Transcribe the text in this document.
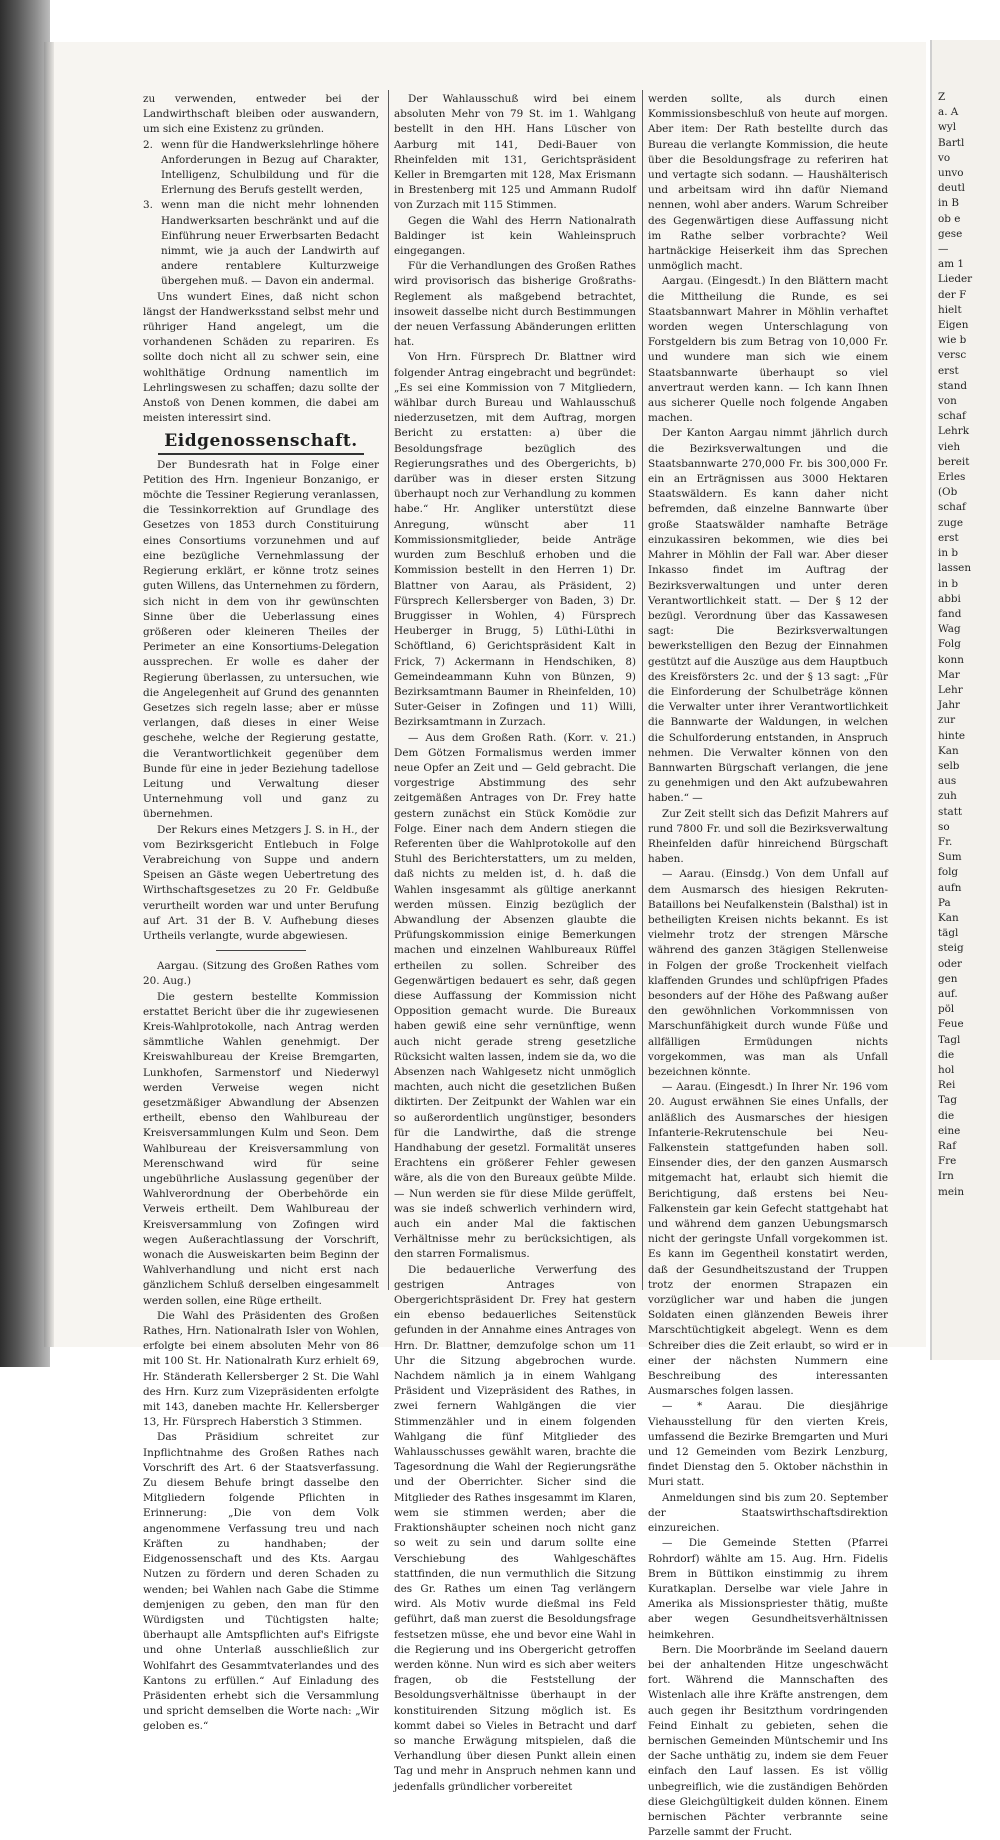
zu verwenden, entweder bei der Landwirthschaft bleiben oder auswandern, um sich eine Existenz zu gründen.

2. wenn für die Handwerkslehrlinge höhere Anforderungen in Bezug auf Charakter, Intelligenz, Schulbildung und für die Erlernung des Berufs gestellt werden,
3. wenn man die nicht mehr lohnenden Handwerksarten beschränkt und auf die Einführung neuer Erwerbsarten Bedacht nimmt, wie ja auch der Landwirth auf andere rentablere Kulturzweige übergehen muß. — Davon ein andermal.

Uns wundert Eines, daß nicht schon längst der Handwerksstand selbst mehr und rühriger Hand angelegt, um die vorhandenen Schäden zu repariren. Es sollte doch nicht all zu schwer sein, eine wohlthätige Ordnung namentlich im Lehrlingswesen zu schaffen; dazu sollte der Anstoß von Denen kommen, die dabei am meisten interessirt sind.

Eidgenossenschaft.

Der Bundesrath hat in Folge einer Petition des Hrn. Ingenieur Bonzanigo, er möchte die Tessiner Regierung veranlassen, die Tessinkorrektion auf Grundlage des Gesetzes von 1853 durch Constituirung eines Consortiums vorzunehmen und auf eine bezügliche Vernehmlassung der Regierung erklärt, er könne trotz seines guten Willens, das Unternehmen zu fördern, sich nicht in dem von ihr gewünschten Sinne über die Ueberlassung eines größeren oder kleineren Theiles der Perimeter an eine Konsortiums-Delegation aussprechen. Er wolle es daher der Regierung überlassen, zu untersuchen, wie die Angelegenheit auf Grund des genannten Gesetzes sich regeln lasse; aber er müsse verlangen, daß dieses in einer Weise geschehe, welche der Regierung gestatte, die Verantwortlichkeit gegenüber dem Bunde für eine in jeder Beziehung tadellose Leitung und Verwaltung dieser Unternehmung voll und ganz zu übernehmen.

Der Rekurs eines Metzgers J. S. in H., der vom Bezirksgericht Entlebuch in Folge Verabreichung von Suppe und andern Speisen an Gäste wegen Uebertretung des Wirthschaftsgesetzes zu 20 Fr. Geldbuße verurtheilt worden war und unter Berufung auf Art. 31 der B. V. Aufhebung dieses Urtheils verlangte, wurde abgewiesen.

Aargau. (Sitzung des Großen Rathes vom 20. Aug.)

Die gestern bestellte Kommission erstattet Bericht über die ihr zugewiesenen Kreis-Wahlprotokolle, nach Antrag werden sämmtliche Wahlen genehmigt. Der Kreiswahlbureau der Kreise Bremgarten, Lunkhofen, Sarmenstorf und Niederwyl werden Verweise wegen nicht gesetzmäßiger Abwandlung der Absenzen ertheilt, ebenso den Wahlbureau der Kreisversammlungen Kulm und Seon. Dem Wahlbureau der Kreisversammlung von Merenschwand wird für seine ungebührliche Auslassung gegenüber der Wahlverordnung der Oberbehörde ein Verweis ertheilt. Dem Wahlbureau der Kreisversammlung von Zofingen wird wegen Außerachtlassung der Vorschrift, wonach die Ausweiskarten beim Beginn der Wahlverhandlung und nicht erst nach gänzlichem Schluß derselben eingesammelt werden sollen, eine Rüge ertheilt.

Die Wahl des Präsidenten des Großen Rathes, Hrn. Nationalrath Isler von Wohlen, erfolgte bei einem absoluten Mehr von 86 mit 100 St. Hr. Nationalrath Kurz erhielt 69, Hr. Ständerath Kellersberger 2 St. Die Wahl des Hrn. Kurz zum Vizepräsidenten erfolgte mit 143, daneben machte Hr. Kellersberger 13, Hr. Fürsprech Haberstich 3 Stimmen.

Das Präsidium schreitet zur Inpflichtnahme des Großen Rathes nach Vorschrift des Art. 6 der Staatsverfassung. Zu diesem Behufe bringt dasselbe den Mitgliedern folgende Pflichten in Erinnerung: „Die von dem Volk angenommene Verfassung treu und nach Kräften zu handhaben; der Eidgenossenschaft und des Kts. Aargau Nutzen zu fördern und deren Schaden zu wenden; bei Wahlen nach Gabe die Stimme demjenigen zu geben, den man für den Würdigsten und Tüchtigsten halte; überhaupt alle Amtspflichten auf's Eifrigste und ohne Unterlaß ausschließlich zur Wohlfahrt des Gesammtvaterlandes und des Kantons zu erfüllen.“ Auf Einladung des Präsidenten erhebt sich die Versammlung und spricht demselben die Worte nach: „Wir geloben es.“

Der Wahlausschuß wird bei einem absoluten Mehr von 79 St. im 1. Wahlgang bestellt in den HH. Hans Lüscher von Aarburg mit 141, Dedi-Bauer von Rheinfelden mit 131, Gerichtspräsident Keller in Bremgarten mit 128, Max Erismann in Brestenberg mit 125 und Ammann Rudolf von Zurzach mit 115 Stimmen.

Gegen die Wahl des Herrn Nationalrath Baldinger ist kein Wahleinspruch eingegangen.

Für die Verhandlungen des Großen Rathes wird provisorisch das bisherige Großraths-Reglement als maßgebend betrachtet, insoweit dasselbe nicht durch Bestimmungen der neuen Verfassung Abänderungen erlitten hat.

Von Hrn. Fürsprech Dr. Blattner wird folgender Antrag eingebracht und begründet: „Es sei eine Kommission von 7 Mitgliedern, wählbar durch Bureau und Wahlausschuß niederzusetzen, mit dem Auftrag, morgen Bericht zu erstatten: a) über die Besoldungsfrage bezüglich des Regierungsrathes und des Obergerichts, b) darüber was in dieser ersten Sitzung überhaupt noch zur Verhandlung zu kommen habe.“ Hr. Angliker unterstützt diese Anregung, wünscht aber 11 Kommissionsmitglieder, beide Anträge wurden zum Beschluß erhoben und die Kommission bestellt in den Herren 1) Dr. Blattner von Aarau, als Präsident, 2) Fürsprech Kellersberger von Baden, 3) Dr. Bruggisser in Wohlen, 4) Fürsprech Heuberger in Brugg, 5) Lüthi-Lüthi in Schöftland, 6) Gerichtspräsident Kalt in Frick, 7) Ackermann in Hendschiken, 8) Gemeindeammann Kuhn von Bünzen, 9) Bezirksamtmann Baumer in Rheinfelden, 10) Suter-Geiser in Zofingen und 11) Willi, Bezirksamtmann in Zurzach.

— Aus dem Großen Rath. (Korr. v. 21.) Dem Götzen Formalismus werden immer neue Opfer an Zeit und — Geld gebracht. Die vorgestrige Abstimmung des sehr zeitgemäßen Antrages von Dr. Frey hatte gestern zunächst ein Stück Komödie zur Folge. Einer nach dem Andern stiegen die Referenten über die Wahlprotokolle auf den Stuhl des Berichterstatters, um zu melden, daß nichts zu melden ist, d. h. daß die Wahlen insgesammt als gültige anerkannt werden müssen. Einzig bezüglich der Abwandlung der Absenzen glaubte die Prüfungskommission einige Bemerkungen machen und einzelnen Wahlbureaux Rüffel ertheilen zu sollen. Schreiber des Gegenwärtigen bedauert es sehr, daß gegen diese Auffassung der Kommission nicht Opposition gemacht wurde. Die Bureaux haben gewiß eine sehr vernünftige, wenn auch nicht gerade streng gesetzliche Rücksicht walten lassen, indem sie da, wo die Absenzen nach Wahlgesetz nicht unmöglich machten, auch nicht die gesetzlichen Bußen diktirten. Der Zeitpunkt der Wahlen war ein so außerordentlich ungünstiger, besonders für die Landwirthe, daß die strenge Handhabung der gesetzl. Formalität unseres Erachtens ein größerer Fehler gewesen wäre, als die von den Bureaux geübte Milde. — Nun werden sie für diese Milde gerüffelt, was sie indeß schwerlich verhindern wird, auch ein ander Mal die faktischen Verhältnisse mehr zu berücksichtigen, als den starren Formalismus.

Die bedauerliche Verwerfung des gestrigen Antrages von Obergerichtspräsident Dr. Frey hat gestern ein ebenso bedauerliches Seitenstück gefunden in der Annahme eines Antrages von Hrn. Dr. Blattner, demzufolge schon um 11 Uhr die Sitzung abgebrochen wurde. Nachdem nämlich ja in einem Wahlgang Präsident und Vizepräsident des Rathes, in zwei fernern Wahlgängen die vier Stimmenzähler und in einem folgenden Wahlgang die fünf Mitglieder des Wahlausschusses gewählt waren, brachte die Tagesordnung die Wahl der Regierungsräthe und der Oberrichter. Sicher sind die Mitglieder des Rathes insgesammt im Klaren, wem sie stimmen werden; aber die Fraktionshäupter scheinen noch nicht ganz so weit zu sein und darum sollte eine Verschiebung des Wahlgeschäftes stattfinden, die nun vermuthlich die Sitzung des Gr. Rathes um einen Tag verlängern wird. Als Motiv wurde dießmal ins Feld geführt, daß man zuerst die Besoldungsfrage festsetzen müsse, ehe und bevor eine Wahl in die Regierung und ins Obergericht getroffen werden könne. Nun wird es sich aber weiters fragen, ob die Feststellung der Besoldungsverhältnisse überhaupt in der konstituirenden Sitzung möglich ist. Es kommt dabei so Vieles in Betracht und darf so manche Erwägung mitspielen, daß die Verhandlung über diesen Punkt allein einen Tag und mehr in Anspruch nehmen kann und jedenfalls gründlicher vorbereitet

werden sollte, als durch einen Kommissionsbeschluß von heute auf morgen. Aber item: Der Rath bestellte durch das Bureau die verlangte Kommission, die heute über die Besoldungsfrage zu referiren hat und vertagte sich sodann. — Haushälterisch und arbeitsam wird ihn dafür Niemand nennen, wohl aber anders. Warum Schreiber des Gegenwärtigen diese Auffassung nicht im Rathe selber vorbrachte? Weil hartnäckige Heiserkeit ihm das Sprechen unmöglich macht.

Aargau. (Eingesdt.) In den Blättern macht die Mittheilung die Runde, es sei Staatsbannwart Mahrer in Möhlin verhaftet worden wegen Unterschlagung von Forstgeldern bis zum Betrag von 10,000 Fr. und wundere man sich wie einem Staatsbannwarte überhaupt so viel anvertraut werden kann. — Ich kann Ihnen aus sicherer Quelle noch folgende Angaben machen.

Der Kanton Aargau nimmt jährlich durch die Bezirksverwaltungen und die Staatsbannwarte 270,000 Fr. bis 300,000 Fr. ein an Erträgnissen aus 3000 Hektaren Staatswäldern. Es kann daher nicht befremden, daß einzelne Bannwarte über große Staatswälder namhafte Beträge einzukassiren bekommen, wie dies bei Mahrer in Möhlin der Fall war. Aber dieser Inkasso findet im Auftrag der Bezirksverwaltungen und unter deren Verantwortlichkeit statt. — Der § 12 der bezügl. Verordnung über das Kassawesen sagt: Die Bezirksverwaltungen bewerkstelligen den Bezug der Einnahmen gestützt auf die Auszüge aus dem Hauptbuch des Kreisförsters 2c. und der § 13 sagt: „Für die Einforderung der Schulbeträge können die Verwalter unter ihrer Verantwortlichkeit die Bannwarte der Waldungen, in welchen die Schulforderung entstanden, in Anspruch nehmen. Die Verwalter können von den Bannwarten Bürgschaft verlangen, die jene zu genehmigen und den Akt aufzubewahren haben.“ —

Zur Zeit stellt sich das Defizit Mahrers auf rund 7800 Fr. und soll die Bezirksverwaltung Rheinfelden dafür hinreichend Bürgschaft haben.

— Aarau. (Einsdg.) Von dem Unfall auf dem Ausmarsch des hiesigen Rekruten-Bataillons bei Neufalkenstein (Balsthal) ist in betheiligten Kreisen nichts bekannt. Es ist vielmehr trotz der strengen Märsche während des ganzen 3tägigen Stellenweise in Folgen der große Trockenheit vielfach klaffenden Grundes und schlüpfrigen Pfades besonders auf der Höhe des Paßwang außer den gewöhnlichen Vorkommnissen von Marschunfähigkeit durch wunde Füße und allfälligen Ermüdungen nichts vorgekommen, was man als Unfall bezeichnen könnte.

— Aarau. (Eingesdt.) In Ihrer Nr. 196 vom 20. August erwähnen Sie eines Unfalls, der anläßlich des Ausmarsches der hiesigen Infanterie-Rekrutenschule bei Neu-Falkenstein stattgefunden haben soll. Einsender dies, der den ganzen Ausmarsch mitgemacht hat, erlaubt sich hiemit die Berichtigung, daß erstens bei Neu-Falkenstein gar kein Gefecht stattgehabt hat und während dem ganzen Uebungsmarsch nicht der geringste Unfall vorgekommen ist. Es kann im Gegentheil konstatirt werden, daß der Gesundheitszustand der Truppen trotz der enormen Strapazen ein vorzüglicher war und haben die jungen Soldaten einen glänzenden Beweis ihrer Marschtüchtigkeit abgelegt. Wenn es dem Schreiber dies die Zeit erlaubt, so wird er in einer der nächsten Nummern eine Beschreibung des interessanten Ausmarsches folgen lassen.

— * Aarau. Die diesjährige Viehausstellung für den vierten Kreis, umfassend die Bezirke Bremgarten und Muri und 12 Gemeinden vom Bezirk Lenzburg, findet Dienstag den 5. Oktober nächsthin in Muri statt.

Anmeldungen sind bis zum 20. September der Staatswirthschaftsdirektion einzureichen.

— Die Gemeinde Stetten (Pfarrei Rohrdorf) wählte am 15. Aug. Hrn. Fidelis Brem in Büttikon einstimmig zu ihrem Kuratkaplan. Derselbe war viele Jahre in Amerika als Missionspriester thätig, mußte aber wegen Gesundheitsverhältnissen heimkehren.

Bern. Die Moorbrände im Seeland dauern bei der anhaltenden Hitze ungeschwächt fort. Während die Mannschaften des Wistenlach alle ihre Kräfte anstrengen, dem auch gegen ihr Besitzthum vordringenden Feind Einhalt zu gebieten, sehen die bernischen Gemeinden Müntschemir und Ins der Sache unthätig zu, indem sie dem Feuer einfach den Lauf lassen. Es ist völlig unbegreiflich, wie die zuständigen Behörden diese Gleichgültigkeit dulden können. Einem bernischen Pächter verbrannte seine Parzelle sammt der Frucht.

Z

a. A

wyl

Bartl

vo

unvo

deutl

in B

ob e

gese

—

am 1

Lieder

der F

hielt

Eigen

wie b

versc

erst

stand

von

schaf

Lehrk

vieh

bereit

Erles

(Ob

schaf

zuge

erst

in b

lassen

in b

abbi

fand

Wag

Folg

konn

Mar

Lehr

Jahr

zur

hinte

Kan

selb

aus

zuh

statt

so

Fr.

Sum

folg

aufn

Pa

Kan

tägl

steig

oder

gen

auf.

pöl

Feue

Tagl

die

hol

Rei

Tag

die

eine

Raf

Fre

Irn

mein
